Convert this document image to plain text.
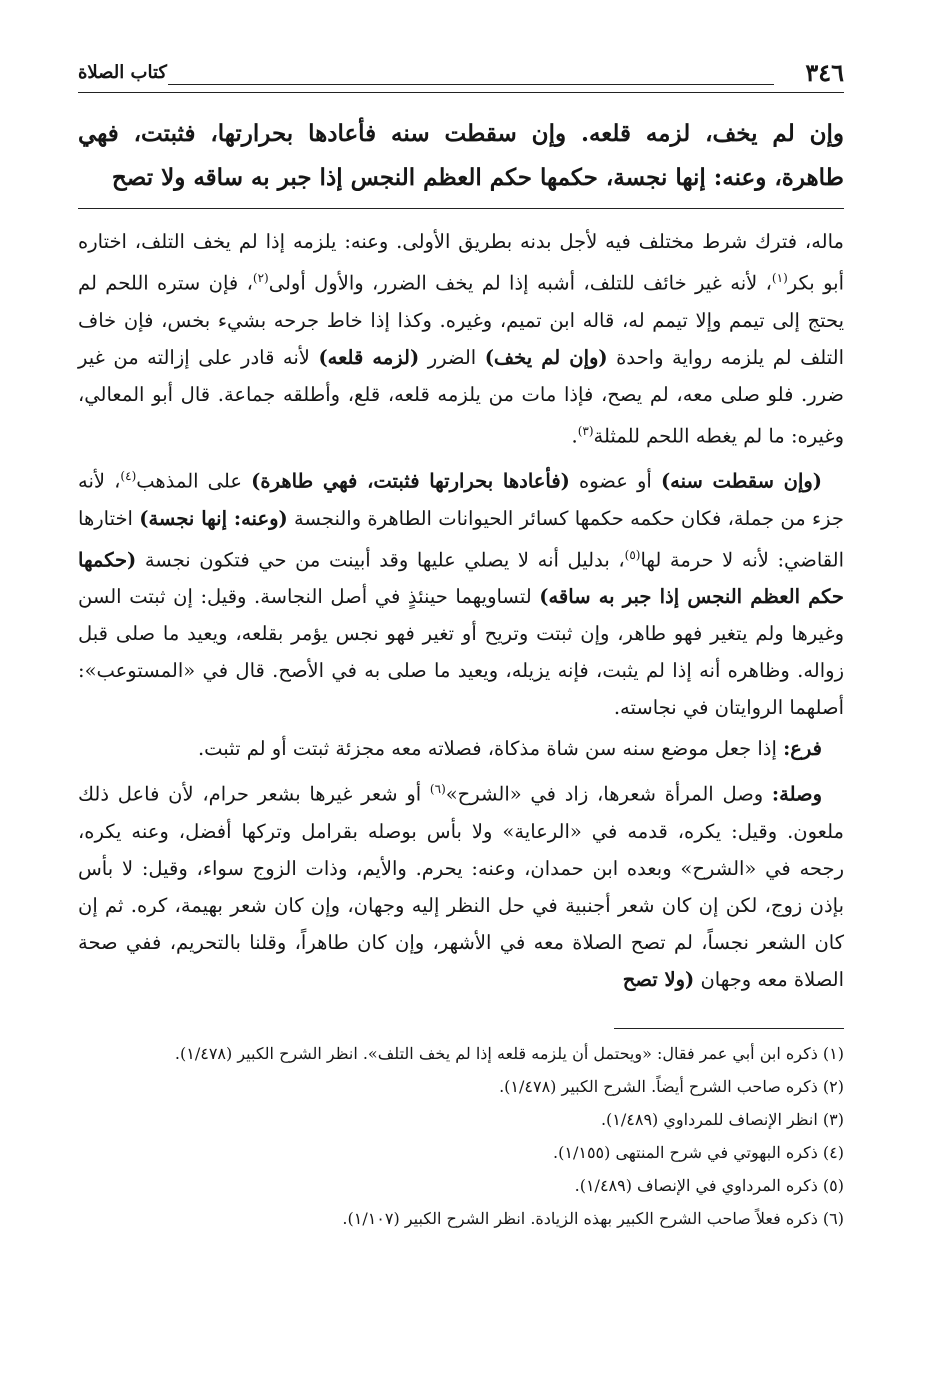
٣٤٦
كتاب الصلاة
وإن لم يخف، لزمه قلعه. وإن سقطت سنه فأعادها بحرارتها، فثبتت، فهي طاهرة، وعنه: إنها نجسة، حكمها حكم العظم النجس إذا جبر به ساقه ولا تصح

ماله، فترك شرط مختلف فيه لأجل بدنه بطريق الأولى. وعنه: يلزمه إذا لم يخف التلف، اختاره أبو بكر$^{(١)}$، لأنه غير خائف للتلف، أشبه إذا لم يخف الضرر، والأول أولى$^{(٢)}$، فإن ستره اللحم لم يحتج إلى تيمم وإلا تيمم له، قاله ابن تميم، وغيره. وكذا إذا خاط جرحه بشيء بخس، فإن خاف التلف لم يلزمه رواية واحدة (وإن لم يخف) الضرر (لزمه قلعه) لأنه قادر على إزالته من غير ضرر. فلو صلى معه، لم يصح، فإذا مات من يلزمه قلعه، قلع، وأطلقه جماعة. قال أبو المعالي، وغيره: ما لم يغطه اللحم للمثلة$^{(٣)}$.

(وإن سقطت سنه) أو عضوه (فأعادها بحرارتها فثبتت، فهي طاهرة) على المذهب$^{(٤)}$، لأنه جزء من جملة، فكان حكمه حكمها كسائر الحيوانات الطاهرة والنجسة (وعنه: إنها نجسة) اختارها القاضي: لأنه لا حرمة لها$^{(٥)}$، بدليل أنه لا يصلي عليها وقد أبينت من حي فتكون نجسة (حكمها حكم العظم النجس إذا جبر به ساقه) لتساويهما حينئذٍ في أصل النجاسة. وقيل: إن ثبتت السن وغيرها ولم يتغير فهو طاهر، وإن ثبتت وتريح أو تغير فهو نجس يؤمر بقلعه، ويعيد ما صلى قبل زواله. وظاهره أنه إذا لم يثبت، فإنه يزيله، ويعيد ما صلى به في الأصح. قال في «المستوعب»: أصلهما الروايتان في نجاسته.

فرع: إذا جعل موضع سنه سن شاة مذكاة، فصلاته معه مجزئة ثبتت أو لم تثبت.

وصلة: وصل المرأة شعرها، زاد في «الشرح»$^{(٦)}$ أو شعر غيرها بشعر حرام، لأن فاعل ذلك ملعون. وقيل: يكره، قدمه في «الرعاية» ولا بأس بوصله بقرامل وتركها أفضل، وعنه يكره، رجحه في «الشرح» وبعده ابن حمدان، وعنه: يحرم. والأيم، وذات الزوج سواء، وقيل: لا بأس بإذن زوج، لكن إن كان شعر أجنبية في حل النظر إليه وجهان، وإن كان شعر بهيمة، كره. ثم إن كان الشعر نجساً، لم تصح الصلاة معه في الأشهر، وإن كان طاهراً، وقلنا بالتحريم، ففي صحة الصلاة معه وجهان (ولا تصح

(١) ذكره ابن أبي عمر فقال: «ويحتمل أن يلزمه قلعه إذا لم يخف التلف». انظر الشرح الكبير (١/٤٧٨).
(٢) ذكره صاحب الشرح أيضاً. الشرح الكبير (١/٤٧٨).
(٣) انظر الإنصاف للمرداوي (١/٤٨٩).
(٤) ذكره البهوتي في شرح المنتهى (١/١٥٥).
(٥) ذكره المرداوي في الإنصاف (١/٤٨٩).
(٦) ذكره فعلاً صاحب الشرح الكبير بهذه الزيادة. انظر الشرح الكبير (١/١٠٧).
